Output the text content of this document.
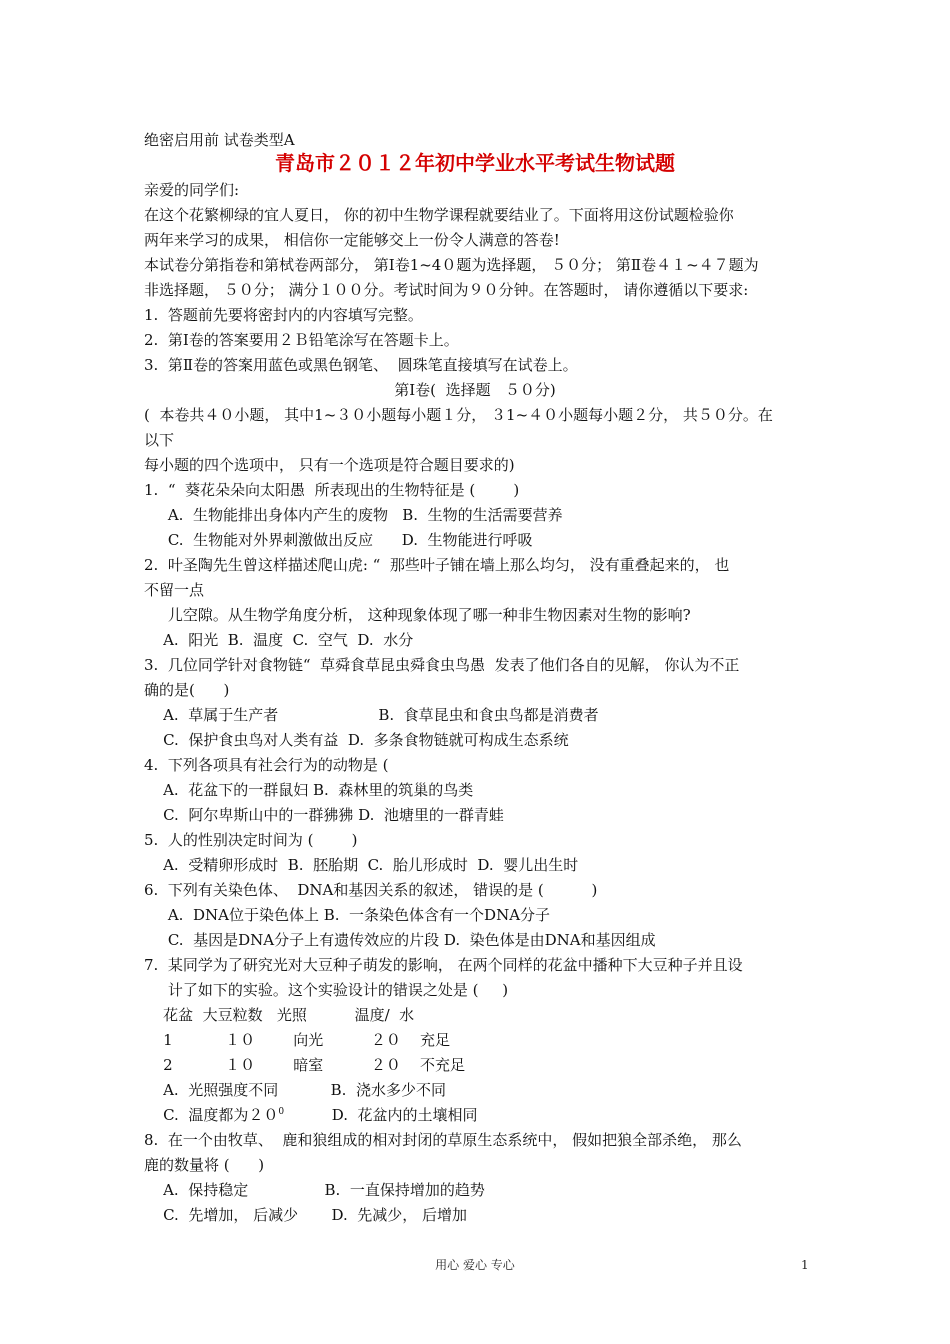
绝密启用前 试卷类型A
青岛市２０１２年初中学业水平考试生物试题
亲爱的同学们:
在这个花繁柳绿的宜人夏日， 你的初中生物学课程就要结业了。下面将用这份试题检验你
两年来学习的成果， 相信你一定能够交上一份令人满意的答卷!
本试卷分第指卷和第栻卷两部分， 第Ⅰ卷1~4０题为选择题， ５０分； 第Ⅱ卷４１~４７题为
非选择题， ５０分； 满分１００分。考试时间为９０分钟。在答题时， 请你遵循以下要求:
1.  答题前先要将密封内的内容填写完整。
2.  第Ⅰ卷的答案要用２Ｂ铅笔涂写在答题卡上。
3.  第Ⅱ卷的答案用蓝色或黑色钢笔、  圆珠笔直接填写在试卷上。
第Ⅰ卷(  选择题   ５０分)
(  本卷共４０小题， 其中1~３０小题每小题１分， ３1~４０小题每小题２分， 共５０分。在
以下
每小题的四个选项中， 只有一个选项是符合题目要求的)
1.  “  葵花朵朵向太阳愚  所表现出的生物特征是 (        )
A.  生物能排出身体内产生的废物   B.  生物的生活需要营养
C.  生物能对外界刺激做出反应      D.  生物能进行呼吸
2.  叶圣陶先生曾这样描述爬山虎: “  那些叶子铺在墙上那么均匀， 没有重叠起来的， 也
不留一点
儿空隙。从生物学角度分析， 这种现象体现了哪一种非生物因素对生物的影响?
A.  阳光  B.  温度  C.  空气  D.  水分
3.  几位同学针对食物链“  草舜食草昆虫舜食虫鸟愚  发表了他们各自的见解， 你认为不正
确的是(      )
A.  草属于生产者                     B.  食草昆虫和食虫鸟都是消费者
C.  保护食虫鸟对人类有益  D.  多条食物链就可构成生态系统
4.  下列各项具有社会行为的动物是 (
A.  花盆下的一群鼠妇 B.  森林里的筑巢的鸟类
C.  阿尔卑斯山中的一群狒狒 D.  池塘里的一群青蛙
5.  人的性别决定时间为 (        )
A.  受精卵形成时  B.  胚胎期  C.  胎儿形成时  D.  婴儿出生时
6.  下列有关染色体、  DNA和基因关系的叙述， 错误的是 (          )
A.  DNA位于染色体上 B.  一条染色体含有一个DNA分子
C.  基因是DNA分子上有遗传效应的片段 D.  染色体是由DNA和基因组成
7.  某同学为了研究光对大豆种子萌发的影响， 在两个同样的花盆中播种下大豆种子并且设
计了如下的实验。这个实验设计的错误之处是 (     )
花盆  大豆粒数   光照          温度/  水
1           １０        向光          ２０    充足
2           １０        暗室          ２０    不充足
A.  光照强度不同           B.  浇水多少不同
C.  温度都为$20^0$	D.  花盆内的土壤相同
8.  在一个由牧草、  鹿和狼组成的相对封闭的草原生态系统中， 假如把狼全部杀绝， 那么
鹿的数量将 (      )
A.  保持稳定                B.  一直保持增加的趋势
C.  先增加， 后减少       D.  先减少， 后增加
用心 爱心 专心	1
